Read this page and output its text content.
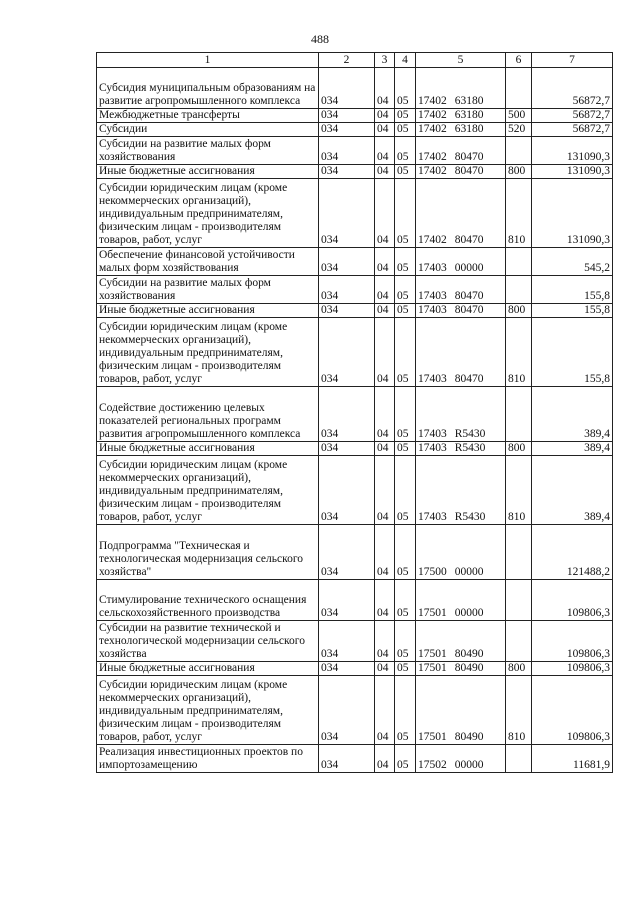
488
1	2	3	4	5	6	7
Субсидия муниципальным образованиям на развитие агропромышленного комплекса	034	04	05	17402 63180		56872,7
Межбюджетные трансферты	034	04	05	17402 63180	500	56872,7
Субсидии	034	04	05	17402 63180	520	56872,7
Субсидии на развитие малых форм хозяйствования	034	04	05	17402 80470		131090,3
Иные бюджетные ассигнования	034	04	05	17402 80470	800	131090,3
Субсидии юридическим лицам (кроме некоммерческих организаций), индивидуальным предпринимателям, физическим лицам - производителям товаров, работ, услуг	034	04	05	17402 80470	810	131090,3
Обеспечение финансовой устойчивости малых форм хозяйствования	034	04	05	17403 00000		545,2
Субсидии на развитие малых форм хозяйствования	034	04	05	17403 80470		155,8
Иные бюджетные ассигнования	034	04	05	17403 80470	800	155,8
Субсидии юридическим лицам (кроме некоммерческих организаций), индивидуальным предпринимателям, физическим лицам - производителям товаров, работ, услуг	034	04	05	17403 80470	810	155,8
Содействие достижению целевых показателей региональных программ развития агропромышленного комплекса	034	04	05	17403 R5430		389,4
Иные бюджетные ассигнования	034	04	05	17403 R5430	800	389,4
Субсидии юридическим лицам (кроме некоммерческих организаций), индивидуальным предпринимателям, физическим лицам - производителям товаров, работ, услуг	034	04	05	17403 R5430	810	389,4
Подпрограмма "Техническая и технологическая модернизация сельского хозяйства"	034	04	05	17500 00000		121488,2
Стимулирование технического оснащения сельскохозяйственного производства	034	04	05	17501 00000		109806,3
Субсидии на развитие технической и технологической модернизации сельского хозяйства	034	04	05	17501 80490		109806,3
Иные бюджетные ассигнования	034	04	05	17501 80490	800	109806,3
Субсидии юридическим лицам (кроме некоммерческих организаций), индивидуальным предпринимателям, физическим лицам - производителям товаров, работ, услуг	034	04	05	17501 80490	810	109806,3
Реализация инвестиционных проектов по импортозамещению	034	04	05	17502 00000		11681,9
